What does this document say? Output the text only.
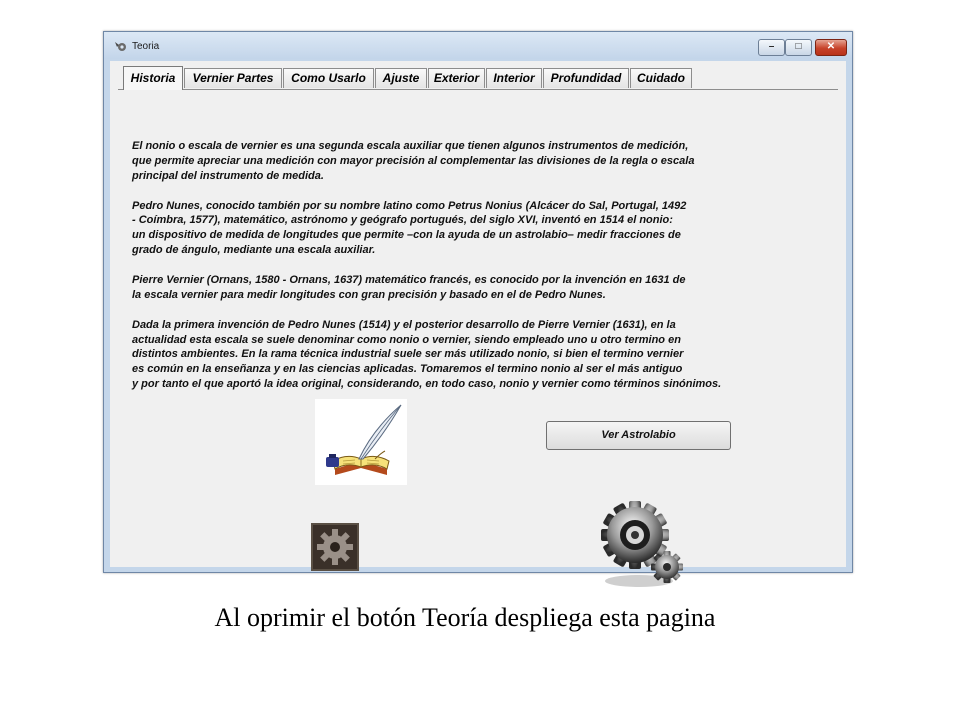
Teoria	–	□	✕
Historia	Vernier Partes	Como Usarlo	Ajuste	Exterior	Interior	Profundidad	Cuidado
El nonio o escala de vernier es una segunda escala auxiliar que tienen algunos instrumentos de medición,
que permite apreciar una medición con mayor precisión al complementar las divisiones de la regla o escala
principal del instrumento de medida.
Pedro Nunes, conocido también por su nombre latino como Petrus Nonius (Alcácer do Sal, Portugal, 1492
- Coímbra, 1577), matemático, astrónomo y geógrafo portugués, del siglo XVI, inventó en 1514 el nonio:
un dispositivo de medida de longitudes que permite –con la ayuda de un astrolabio– medir fracciones de
grado de ángulo, mediante una escala auxiliar.
Pierre Vernier (Ornans, 1580 - Ornans, 1637) matemático francés, es conocido por la invención en 1631 de
la escala vernier para medir longitudes con gran precisión y basado en el de Pedro Nunes.
Dada la primera invención de Pedro Nunes (1514) y el posterior desarrollo de Pierre Vernier (1631), en la
actualidad esta escala se suele denominar como nonio o vernier, siendo empleado uno u otro termino en
distintos ambientes. En la rama técnica industrial suele ser más utilizado nonio, si bien el termino vernier
es común en la enseñanza y en las ciencias aplicadas. Tomaremos el termino nonio al ser el más antiguo
y por tanto el que aportó la idea original, considerando, en todo caso, nonio y vernier como términos sinónimos.
Ver Astrolabio
Al oprimir el botón Teoría despliega esta pagina
